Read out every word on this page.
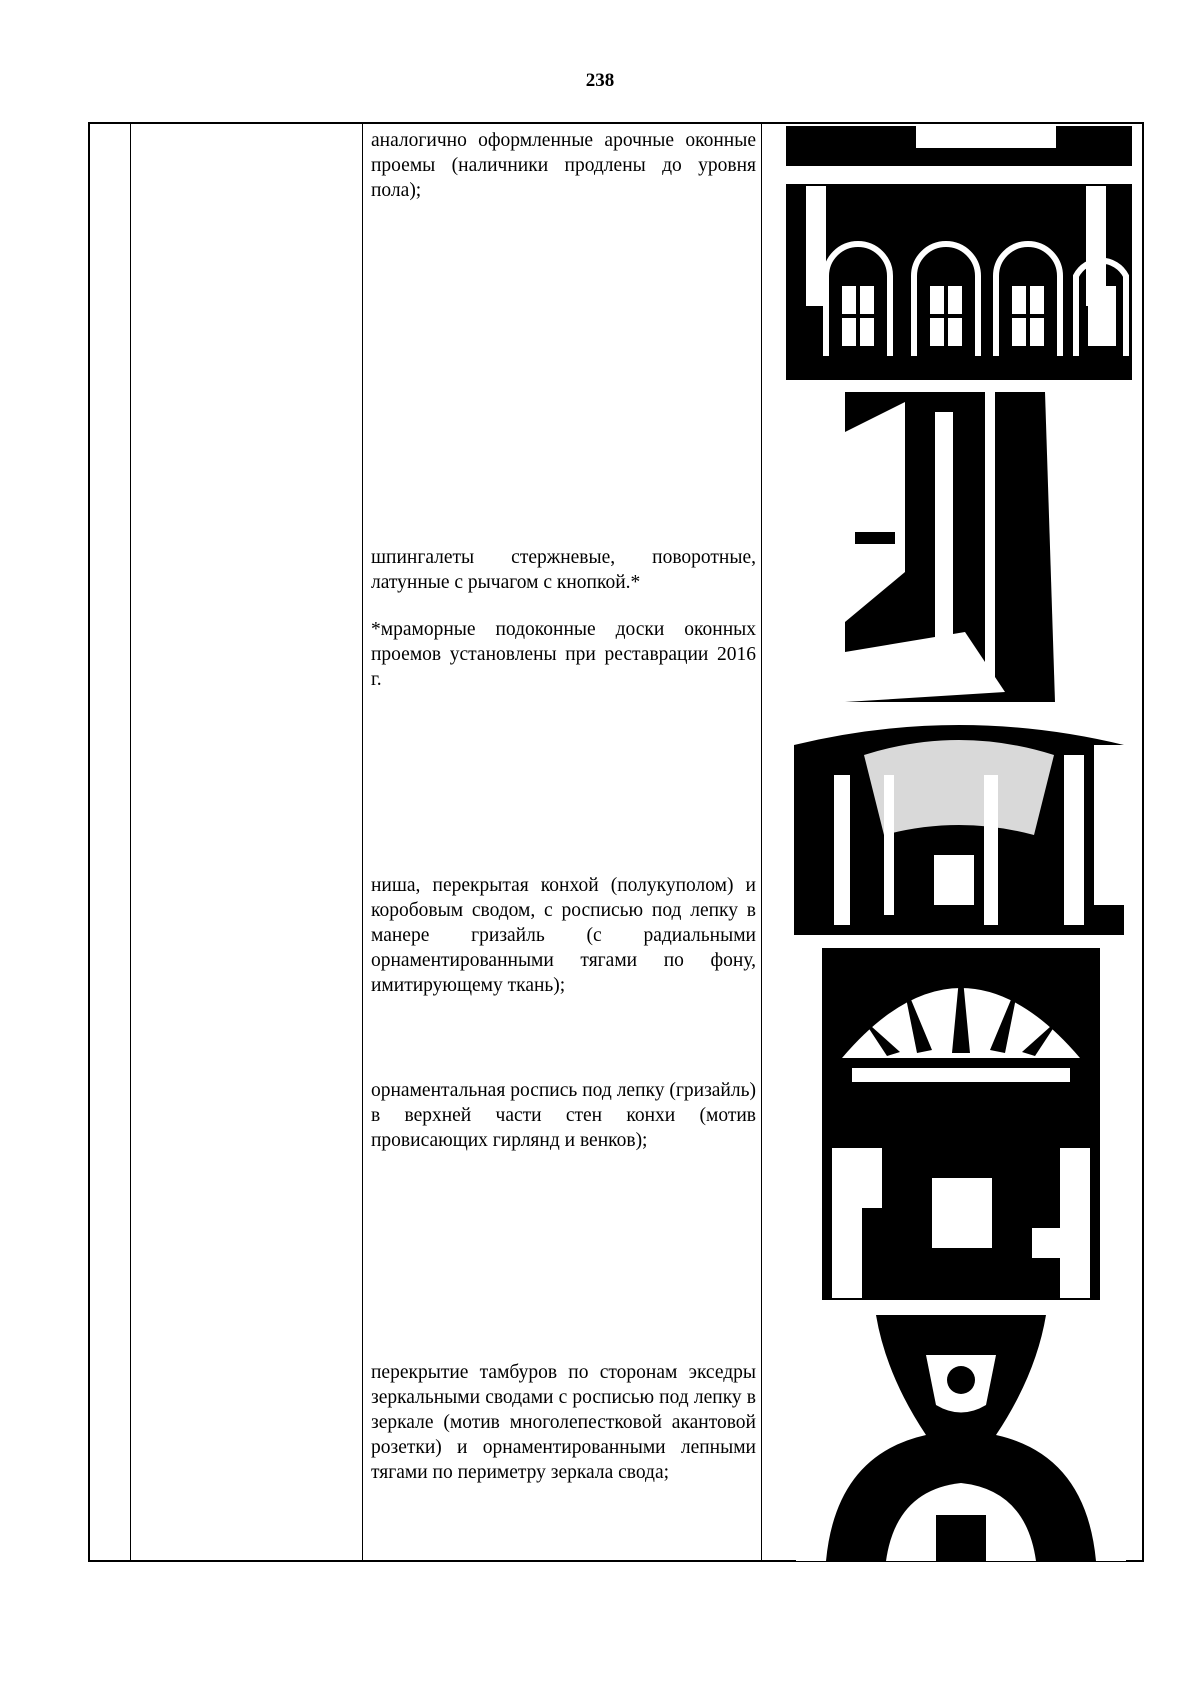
238
аналогично оформленные арочные оконные проемы (наличники продлены до уровня пола);
шпингалеты стержневые, поворотные, латунные с рычагом с кнопкой.*
*мраморные подоконные доски оконных проемов установлены при реставрации 2016 г.
ниша, перекрытая конхой (полукуполом) и коробовым сводом, с росписью под лепку в манере гризайль (с радиальными орнаментированными тягами по фону, имитирующему ткань);
орнаментальная роспись под лепку (гризайль) в верхней части стен конхи (мотив провисающих гирлянд и венков);
перекрытие тамбуров по сторонам экседры зеркальными сводами с росписью под лепку в зеркале (мотив многолепестковой акантовой розетки) и орнаментированными лепными тягами по периметру зеркала свода;
